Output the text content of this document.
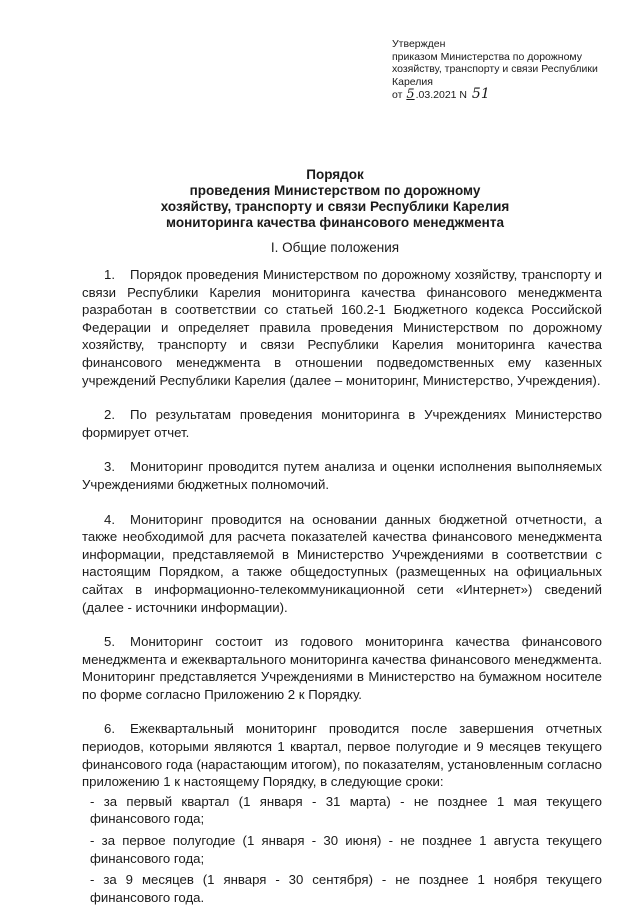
Утвержден
приказом Министерства по дорожному
хозяйству, транспорту и связи Республики
Карелия
от 5.03.2021 N 51
Порядок
проведения Министерством по дорожному
хозяйству, транспорту и связи Республики Карелия
мониторинга качества финансового менеджмента
I. Общие положения

1. Порядок проведения Министерством по дорожному хозяйству, транспорту и связи Республики Карелия мониторинга качества финансового менеджмента разработан в соответствии со статьей 160.2-1 Бюджетного кодекса Российской Федерации и определяет правила проведения Министерством по дорожному хозяйству, транспорту и связи Республики Карелия мониторинга качества финансового менеджмента в отношении подведомственных ему казенных учреждений Республики Карелия (далее – мониторинг, Министерство, Учреждения).

2. По результатам проведения мониторинга в Учреждениях Министерство формирует отчет.

3. Мониторинг проводится путем анализа и оценки исполнения выполняемых Учреждениями бюджетных полномочий.

4. Мониторинг проводится на основании данных бюджетной отчетности, а также необходимой для расчета показателей качества финансового менеджмента информации, представляемой в Министерство Учреждениями в соответствии с настоящим Порядком, а также общедоступных (размещенных на официальных сайтах в информационно-телекоммуникационной сети «Интернет») сведений (далее - источники информации).

5. Мониторинг состоит из годового мониторинга качества финансового менеджмента и ежеквартального мониторинга качества финансового менеджмента. Мониторинг представляется Учреждениями в Министерство на бумажном носителе по форме согласно Приложению 2 к Порядку.

6. Ежеквартальный мониторинг проводится после завершения отчетных периодов, которыми являются 1 квартал, первое полугодие и 9 месяцев текущего финансового года (нарастающим итогом), по показателям, установленным согласно приложению 1 к настоящему Порядку, в следующие сроки:

- за первый квартал (1 января - 31 марта) - не позднее 1 мая текущего финансового года;

- за первое полугодие (1 января - 30 июня) - не позднее 1 августа текущего финансового года;

- за 9 месяцев (1 января - 30 сентября) - не позднее 1 ноября текущего финансового года.
